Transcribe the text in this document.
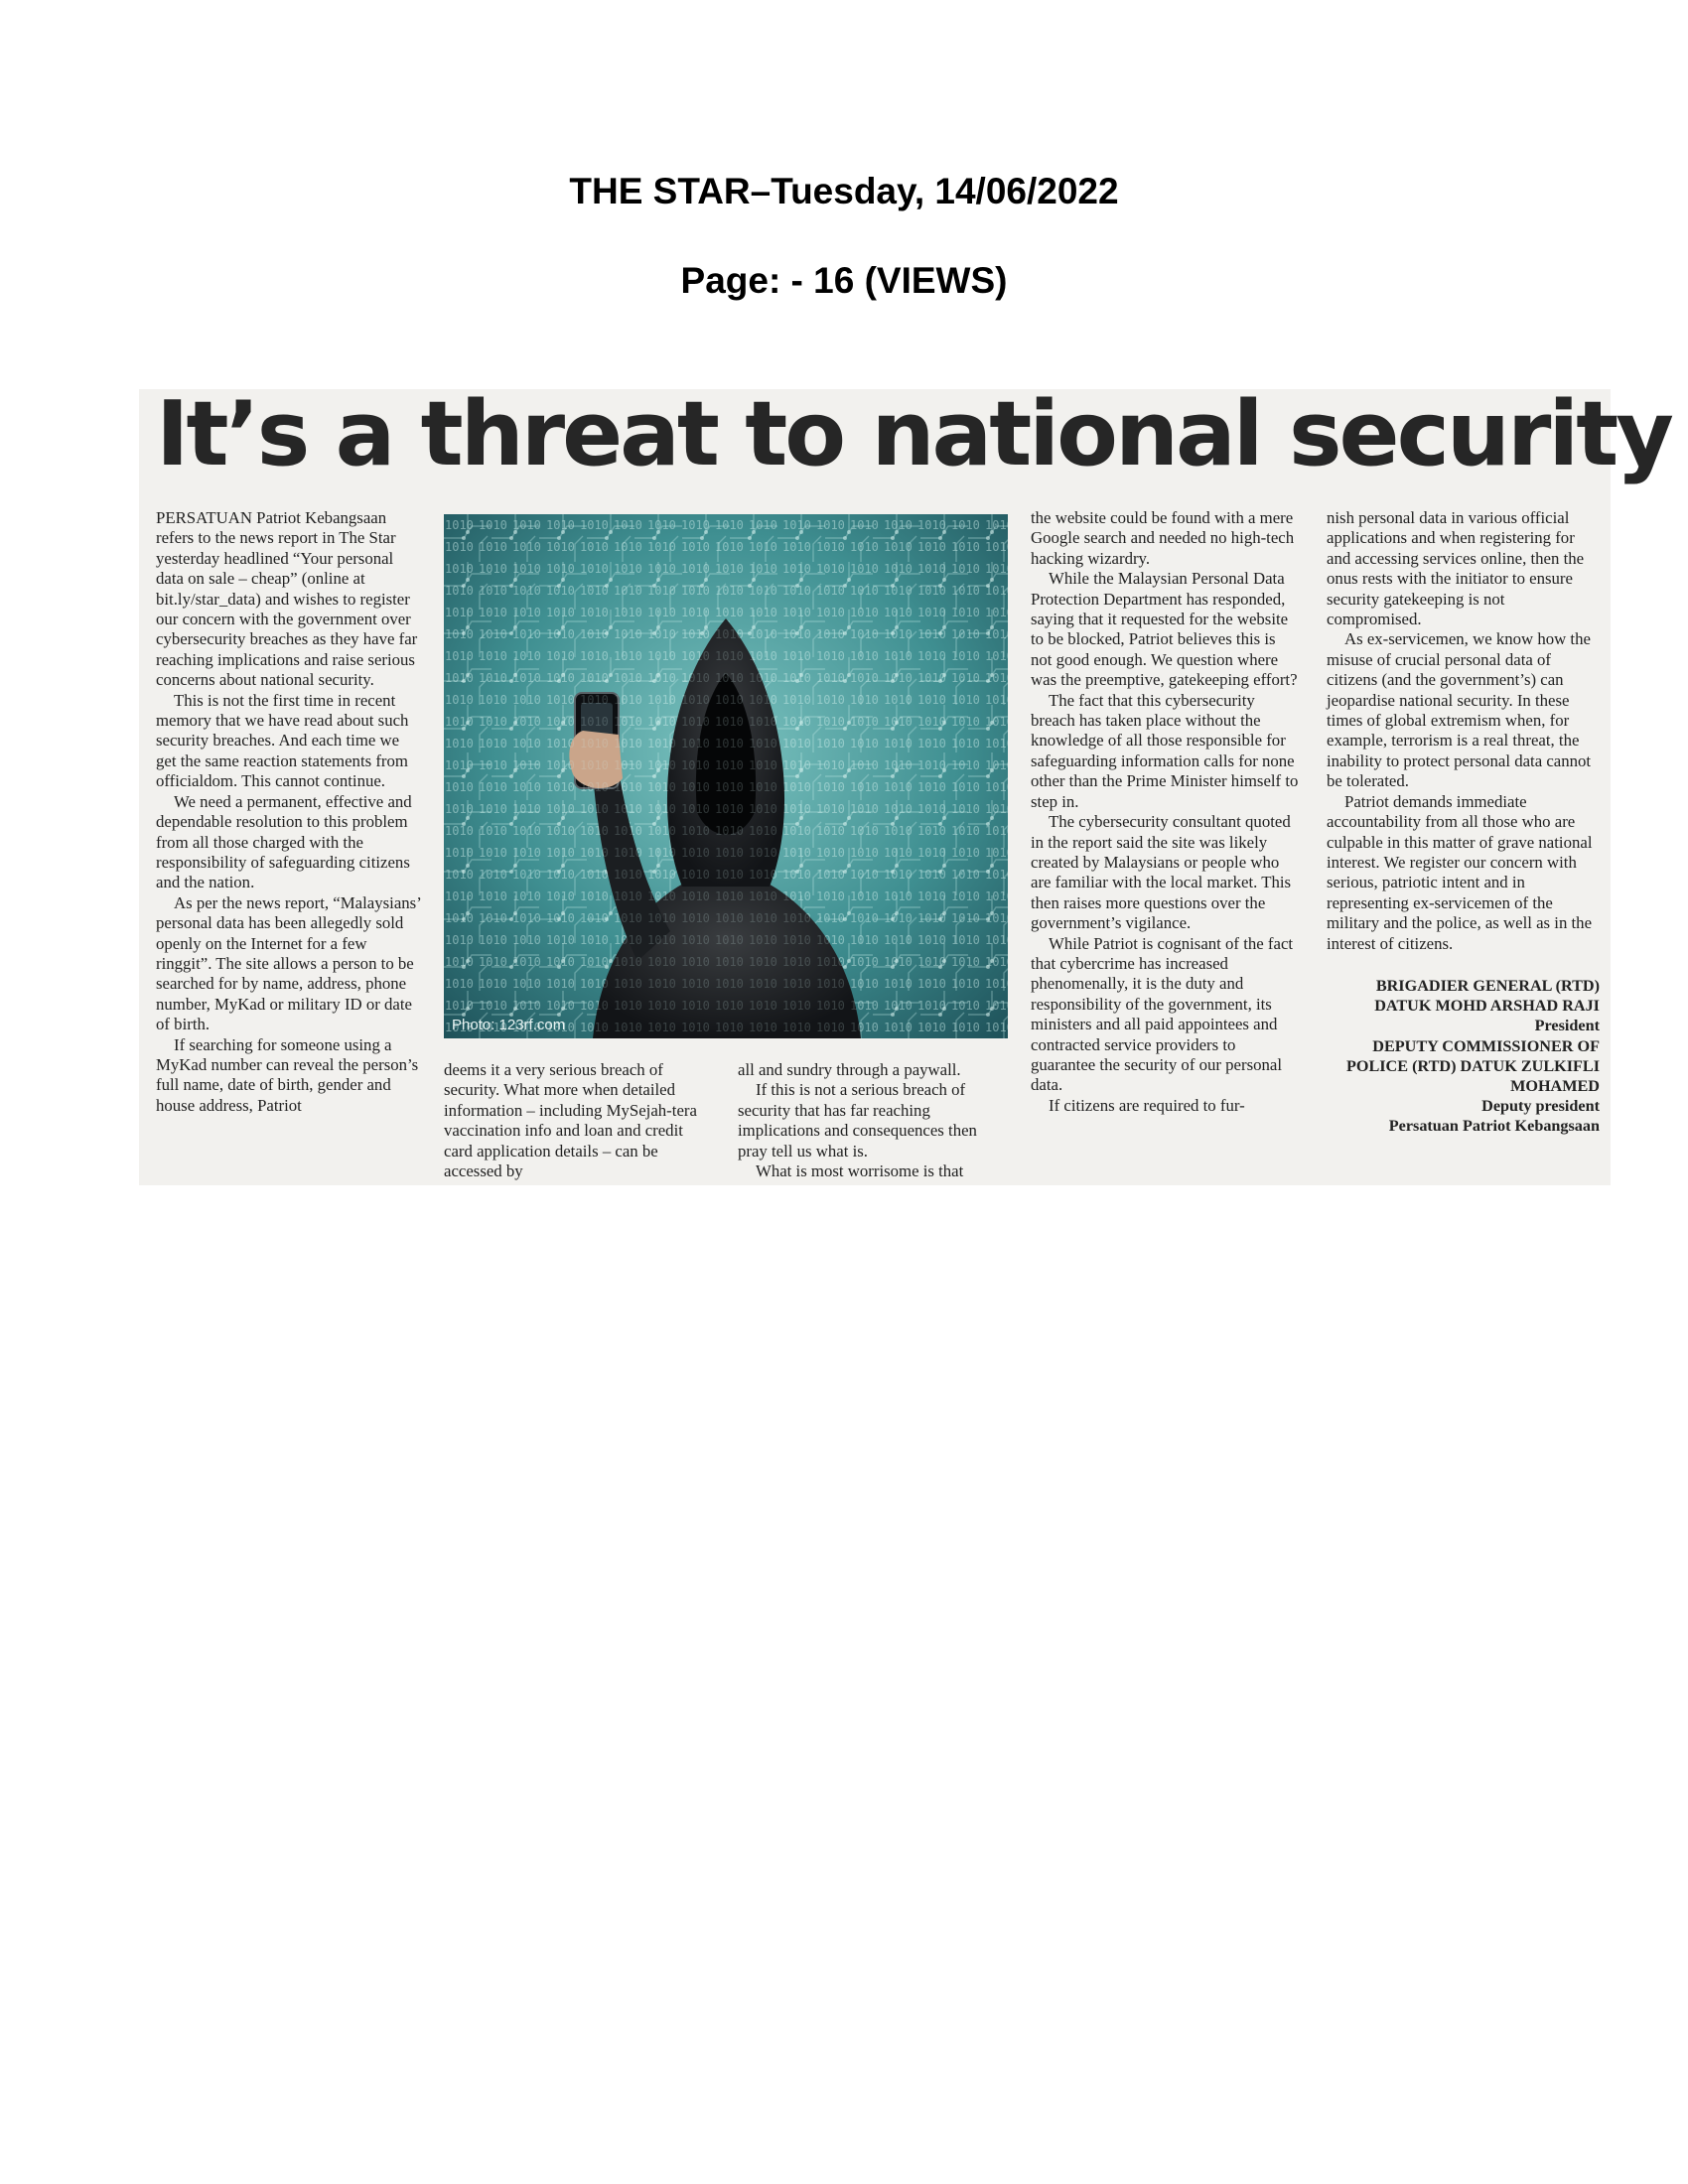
THE STAR–Tuesday, 14/06/2022
Page: - 16 (VIEWS)
It’s a threat to national security

PERSATUAN Patriot Kebangsaan refers to the news report in The Star yesterday headlined “Your personal data on sale – cheap” (online at bit.ly/star_data) and wishes to register our concern with the government over cybersecurity breaches as they have far reaching implications and raise serious concerns about national security.

This is not the first time in recent memory that we have read about such security breaches. And each time we get the same reaction statements from officialdom. This cannot continue.

We need a permanent, effective and dependable resolution to this problem from all those charged with the responsibility of safeguarding citizens and the nation.

As per the news report, “Malaysians’ personal data has been allegedly sold openly on the Internet for a few ringgit”. The site allows a person to be searched for by name, address, phone number, MyKad or military ID or date of birth.

If searching for someone using a MyKad number can reveal the person’s full name, date of birth, gender and house address, Patriot

Photo: 123rf.com

deems it a very serious breach of security. What more when detailed information – including MySejah-tera vaccination info and loan and credit card application details – can be accessed by

all and sundry through a paywall.

If this is not a serious breach of security that has far reaching implications and consequences then pray tell us what is.

What is most worrisome is that

the website could be found with a mere Google search and needed no high-tech hacking wizardry.

While the Malaysian Personal Data Protection Department has responded, saying that it requested for the website to be blocked, Patriot believes this is not good enough. We question where was the preemptive, gatekeeping effort?

The fact that this cybersecurity breach has taken place without the knowledge of all those responsible for safeguarding information calls for none other than the Prime Minister himself to step in.

The cybersecurity consultant quoted in the report said the site was likely created by Malaysians or people who are familiar with the local market. This then raises more questions over the government’s vigilance.

While Patriot is cognisant of the fact that cybercrime has increased phenomenally, it is the duty and responsibility of the government, its ministers and all paid appointees and contracted service providers to guarantee the security of our personal data.

If citizens are required to fur-

nish personal data in various official applications and when registering for and accessing services online, then the onus rests with the initiator to ensure security gatekeeping is not compromised.

As ex-servicemen, we know how the misuse of crucial personal data of citizens (and the government’s) can jeopardise national security. In these times of global extremism when, for example, terrorism is a real threat, the inability to protect personal data cannot be tolerated.

Patriot demands immediate accountability from all those who are culpable in this matter of grave national interest. We register our concern with serious, patriotic intent and in representing ex-servicemen of the military and the police, as well as in the interest of citizens.

BRIGADIER GENERAL (RTD)
DATUK MOHD ARSHAD RAJI
President
DEPUTY COMMISSIONER OF
POLICE (RTD) DATUK ZULKIFLI
MOHAMED
Deputy president
Persatuan Patriot Kebangsaan
